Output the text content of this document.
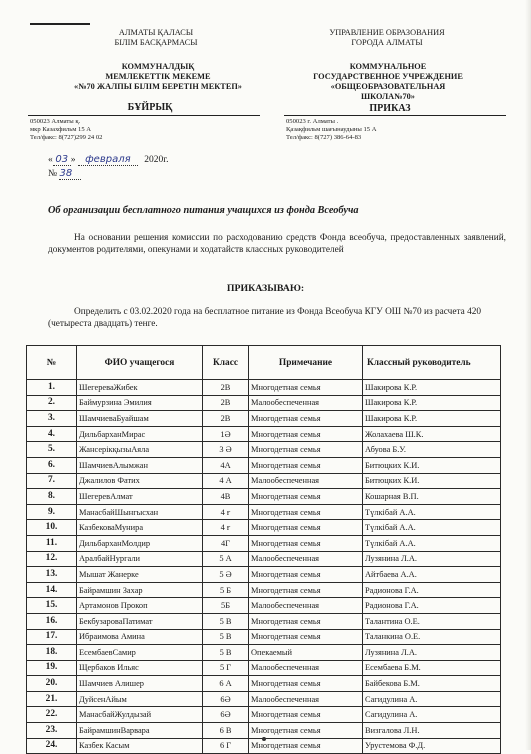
АЛМАТЫ ҚАЛАСЫ
БІЛІМ БАСҚАРМАСЫ
КОММУНАЛДЫҚ
МЕМЛЕКЕТТІК МЕКЕМЕ
«№70 ЖАЛПЫ БІЛІМ БЕРЕТІН МЕКТЕП»
БҰЙРЫҚ
050023 Алматы қ.
мкр Казахфильм 15 А
Тел/факс: 8(727)299 24 02
УПРАВЛЕНИЕ ОБРАЗОВАНИЯ
ГОРОДА АЛМАТЫ
КОММУНАЛЬНОЕ
ГОСУДАРСТВЕННОЕ УЧРЕЖДЕНИЕ
«ОБЩЕОБРАЗОВАТЕЛЬНАЯ
ШКОЛА№70»
ПРИКАЗ
050023 г. Алматы .
Қазақфильм шағынаудыны 15 А
Тел/факс: 8(727) 386-64-83
« 03 » февраля 2020г.
№ 38
Об организации бесплатного питания учащихся из фонда Всеобуча
На основании решения комиссии по расходованию средств Фонда всеобуча, предоставленных заявлений, документов родителями, опекунами и ходатайств классных руководителей
ПРИКАЗЫВАЮ:
Определить с 03.02.2020 года на бесплатное питание из Фонда Всеобуча КГУ ОШ №70 из расчета 420 (четыреста двадцать) тенге.
№	ФИО учащегося	Класс	Примечание	Классный руководитель
1.	ШегереваЖибек	2В	Многодетная семья	Шакирова К.Р.
2.	Баймурзина Эмилия	2В	Малообеспеченная	Шакирова К.Р.
3.	ШамчиеваБуайшам	2В	Многодетная семья	Шакирова К.Р.
4.	ДильбарханМирас	1Ә	Многодетная семья	Жолахаева Ш.К.
5.	ЖансерікқызыАяла	3 Ә	Многодетная семья	Абуова Б.У.
6.	ШамчиевАлымжан	4А	Многодетная семья	Битюцких К.И.
7.	Джалилов Фатих	4 А	Малообеспеченная	Битюцких К.И.
8.	ШегеревАлмат	4В	Многодетная семья	Кошарная В.П.
9.	МанасбайШынгысхан	4 ғ	Многодетная семья	Түлкібай А.А.
10.	КазбековаМунира	4 ғ	Многодетная семья	Түлкібай А.А.
11.	ДильбарханМолдир	4Г	Многодетная семья	Түлкібай А.А.
12.	АралбайНургали	5 А	Малообеспеченная	Лузянина Л.А.
13.	Мышат Жанерке	5 Ә	Многодетная семья	Айтбаева А.А.
14.	Байрамшин Захар	5 Б	Многодетная семья	Радионова Г.А.
15.	Артамонов Прокоп	5Б	Малообеспеченная	Радионова Г.А.
16.	БекбузароваПатимат	5 В	Многодетная семья	Талантина О.Е.
17.	Ибраимова Амина	5 В	Многодетная семья	Таланкина О.Е.
18.	ЕсембаевСамир	5 В	Опекаемый	Лузянина Л.А.
19.	Щербаков Ильяс	5 Г	Малообеспеченная	Есембаева Б.М.
20.	Шамчиев Алишер	6 А	Многодетная семья	Байбекова Б.М.
21.	ДуйсенАйым	6Ә	Малообеспеченная	Сагидулина А.
22.	МанасбайЖулдызай	6Ә	Многодетная семья	Сагидулина А.
23.	БайрамшинВарвара	6 В	Многодетная семья	Визгалова Л.Н.
24.	Казбек Касым	6 Г	Многодетная семья	Урустемова Ф.Д.
